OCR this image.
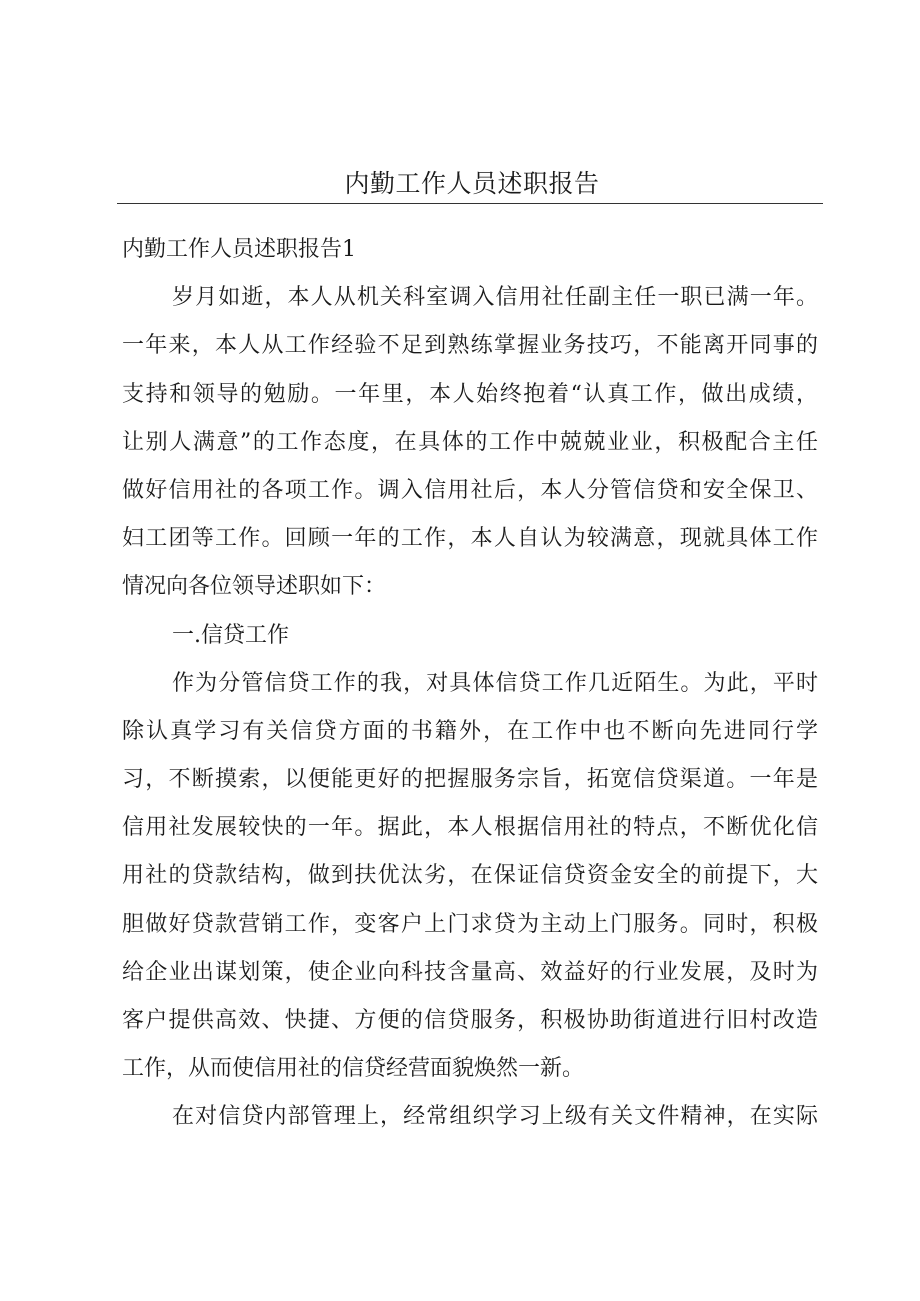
内勤工作人员述职报告
内勤工作人员述职报告1
岁月如逝，本人从机关科室调入信用社任副主任一职已满一年。
一年来，本人从工作经验不足到熟练掌握业务技巧，不能离开同事的
支持和领导的勉励。一年里，本人始终抱着“认真工作，做出成绩，
让别人满意”的工作态度，在具体的工作中兢兢业业，积极配合主任
做好信用社的各项工作。调入信用社后，本人分管信贷和安全保卫、
妇工团等工作。回顾一年的工作，本人自认为较满意，现就具体工作
情况向各位领导述职如下：
一.信贷工作
作为分管信贷工作的我，对具体信贷工作几近陌生。为此，平时
除认真学习有关信贷方面的书籍外，在工作中也不断向先进同行学
习，不断摸索，以便能更好的把握服务宗旨，拓宽信贷渠道。一年是
信用社发展较快的一年。据此，本人根据信用社的特点，不断优化信
用社的贷款结构，做到扶优汰劣，在保证信贷资金安全的前提下，大
胆做好贷款营销工作，变客户上门求贷为主动上门服务。同时，积极
给企业出谋划策，使企业向科技含量高、效益好的行业发展，及时为
客户提供高效、快捷、方便的信贷服务，积极协助街道进行旧村改造
工作，从而使信用社的信贷经营面貌焕然一新。
在对信贷内部管理上，经常组织学习上级有关文件精神，在实际
